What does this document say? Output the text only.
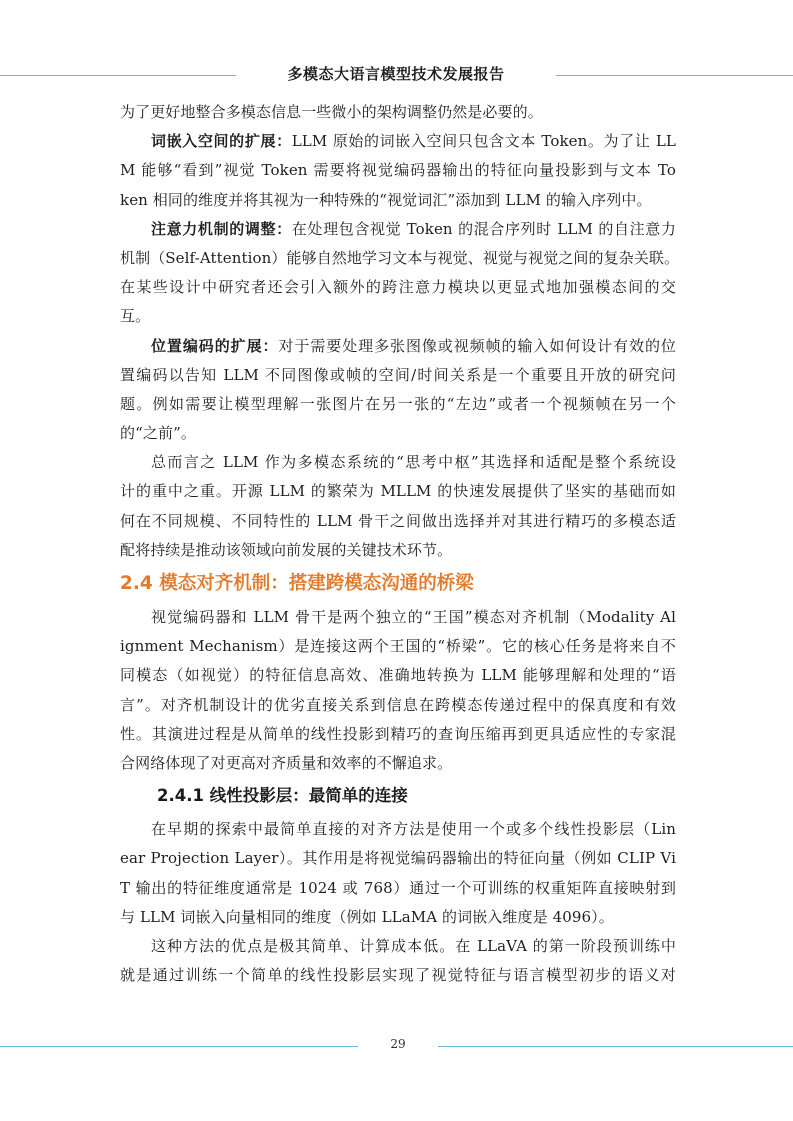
多模态大语言模型技术发展报告
为了更好地整合多模态信息一些微小的架构调整仍然是必要的。
词嵌入空间的扩展：LLM 原始的词嵌入空间只包含文本 Token。为了让 LL
M 能够“看到”视觉 Token 需要将视觉编码器输出的特征向量投影到与文本 To
ken 相同的维度并将其视为一种特殊的“视觉词汇”添加到 LLM 的输入序列中。
注意力机制的调整：在处理包含视觉 Token 的混合序列时 LLM 的自注意力
机制（Self-Attention）能够自然地学习文本与视觉、视觉与视觉之间的复杂关联。
在某些设计中研究者还会引入额外的跨注意力模块以更显式地加强模态间的交
互。
位置编码的扩展：对于需要处理多张图像或视频帧的输入如何设计有效的位
置编码以告知 LLM 不同图像或帧的空间/时间关系是一个重要且开放的研究问
题。例如需要让模型理解一张图片在另一张的“左边”或者一个视频帧在另一个
的“之前”。
总而言之 LLM 作为多模态系统的“思考中枢”其选择和适配是整个系统设
计的重中之重。开源 LLM 的繁荣为 MLLM 的快速发展提供了坚实的基础而如
何在不同规模、不同特性的 LLM 骨干之间做出选择并对其进行精巧的多模态适
配将持续是推动该领域向前发展的关键技术环节。
2.4 模态对齐机制：搭建跨模态沟通的桥梁
视觉编码器和 LLM 骨干是两个独立的“王国”模态对齐机制（Modality Al
ignment Mechanism）是连接这两个王国的“桥梁”。它的核心任务是将来自不
同模态（如视觉）的特征信息高效、准确地转换为 LLM 能够理解和处理的“语
言”。对齐机制设计的优劣直接关系到信息在跨模态传递过程中的保真度和有效
性。其演进过程是从简单的线性投影到精巧的查询压缩再到更具适应性的专家混
合网络体现了对更高对齐质量和效率的不懈追求。
2.4.1 线性投影层：最简单的连接
在早期的探索中最简单直接的对齐方法是使用一个或多个线性投影层（Lin
ear Projection Layer）。其作用是将视觉编码器输出的特征向量（例如 CLIP Vi
T 输出的特征维度通常是 1024 或 768）通过一个可训练的权重矩阵直接映射到
与 LLM 词嵌入向量相同的维度（例如 LLaMA 的词嵌入维度是 4096）。
这种方法的优点是极其简单、计算成本低。在 LLaVA 的第一阶段预训练中
就是通过训练一个简单的线性投影层实现了视觉特征与语言模型初步的语义对
29
